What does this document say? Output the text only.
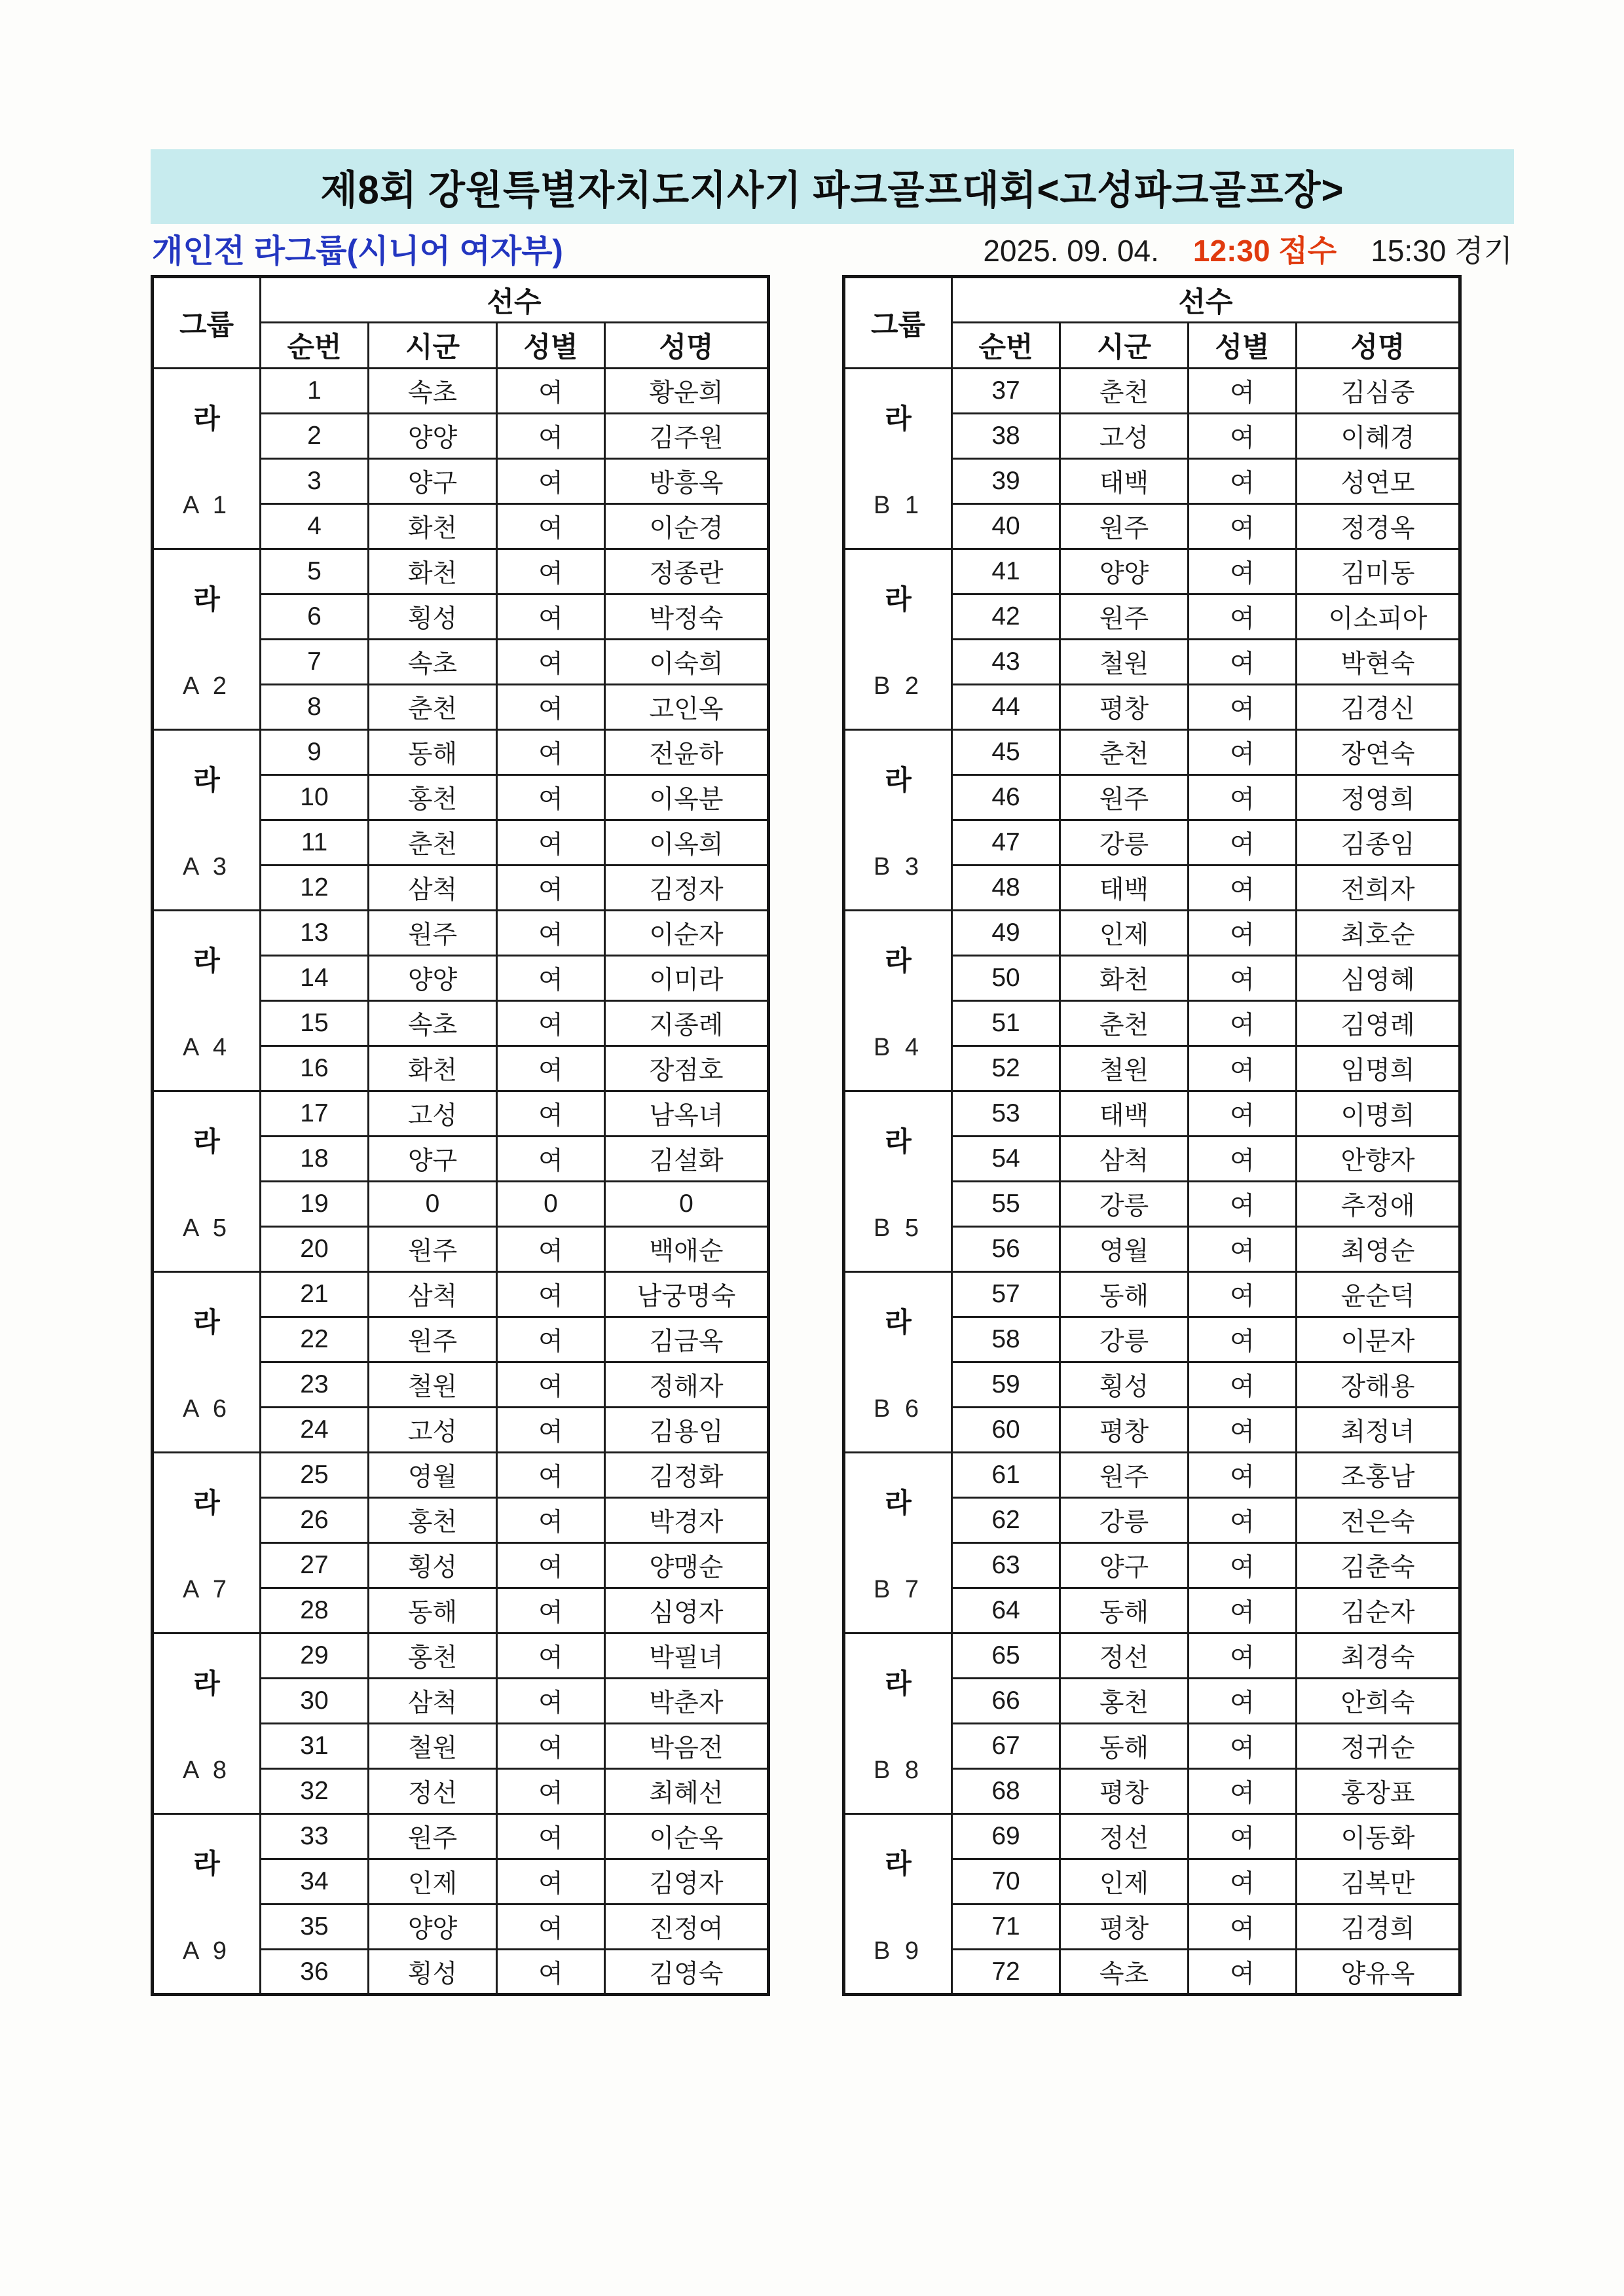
제8회 강원특별자치도지사기 파크골프대회<고성파크골프장>
개인전 라그룹(시니어 여자부)	2025. 09. 04. 12:30 접수 15:30 경기
그룹	선수			
	순번	시군	성별	성명

라
A 1	1	속초	여	황운희
	2	양양	여	김주원
	3	양구	여	방흥옥
	4	화천	여	이순경

라
A 2	5	화천	여	정종란
	6	횡성	여	박정숙
	7	속초	여	이숙희
	8	춘천	여	고인옥

라
A 3	9	동해	여	전윤하
	10	홍천	여	이옥분
	11	춘천	여	이옥희
	12	삼척	여	김정자

라
A 4	13	원주	여	이순자
	14	양양	여	이미라
	15	속초	여	지종례
	16	화천	여	장점호

라
A 5	17	고성	여	남옥녀
	18	양구	여	김설화
	19	0	0	0
	20	원주	여	백애순

라
A 6	21	삼척	여	남궁명숙
	22	원주	여	김금옥
	23	철원	여	정해자
	24	고성	여	김용임

라
A 7	25	영월	여	김정화
	26	홍천	여	박경자
	27	횡성	여	양맹순
	28	동해	여	심영자

라
A 8	29	홍천	여	박필녀
	30	삼척	여	박춘자
	31	철원	여	박음전
	32	정선	여	최혜선

라
A 9	33	원주	여	이순옥
	34	인제	여	김영자
	35	양양	여	진정여
	36	횡성	여	김영숙
그룹	선수			
	순번	시군	성별	성명

라
B 1	37	춘천	여	김심중
	38	고성	여	이혜경
	39	태백	여	성연모
	40	원주	여	정경옥

라
B 2	41	양양	여	김미동
	42	원주	여	이소피아
	43	철원	여	박현숙
	44	평창	여	김경신

라
B 3	45	춘천	여	장연숙
	46	원주	여	정영희
	47	강릉	여	김종임
	48	태백	여	전희자

라
B 4	49	인제	여	최호순
	50	화천	여	심영혜
	51	춘천	여	김영례
	52	철원	여	임명희

라
B 5	53	태백	여	이명희
	54	삼척	여	안향자
	55	강릉	여	추정애
	56	영월	여	최영순

라
B 6	57	동해	여	윤순덕
	58	강릉	여	이문자
	59	횡성	여	장해용
	60	평창	여	최정녀

라
B 7	61	원주	여	조홍남
	62	강릉	여	전은숙
	63	양구	여	김춘숙
	64	동해	여	김순자

라
B 8	65	정선	여	최경숙
	66	홍천	여	안희숙
	67	동해	여	정귀순
	68	평창	여	홍장표

라
B 9	69	정선	여	이동화
	70	인제	여	김복만
	71	평창	여	김경희
	72	속초	여	양유옥
